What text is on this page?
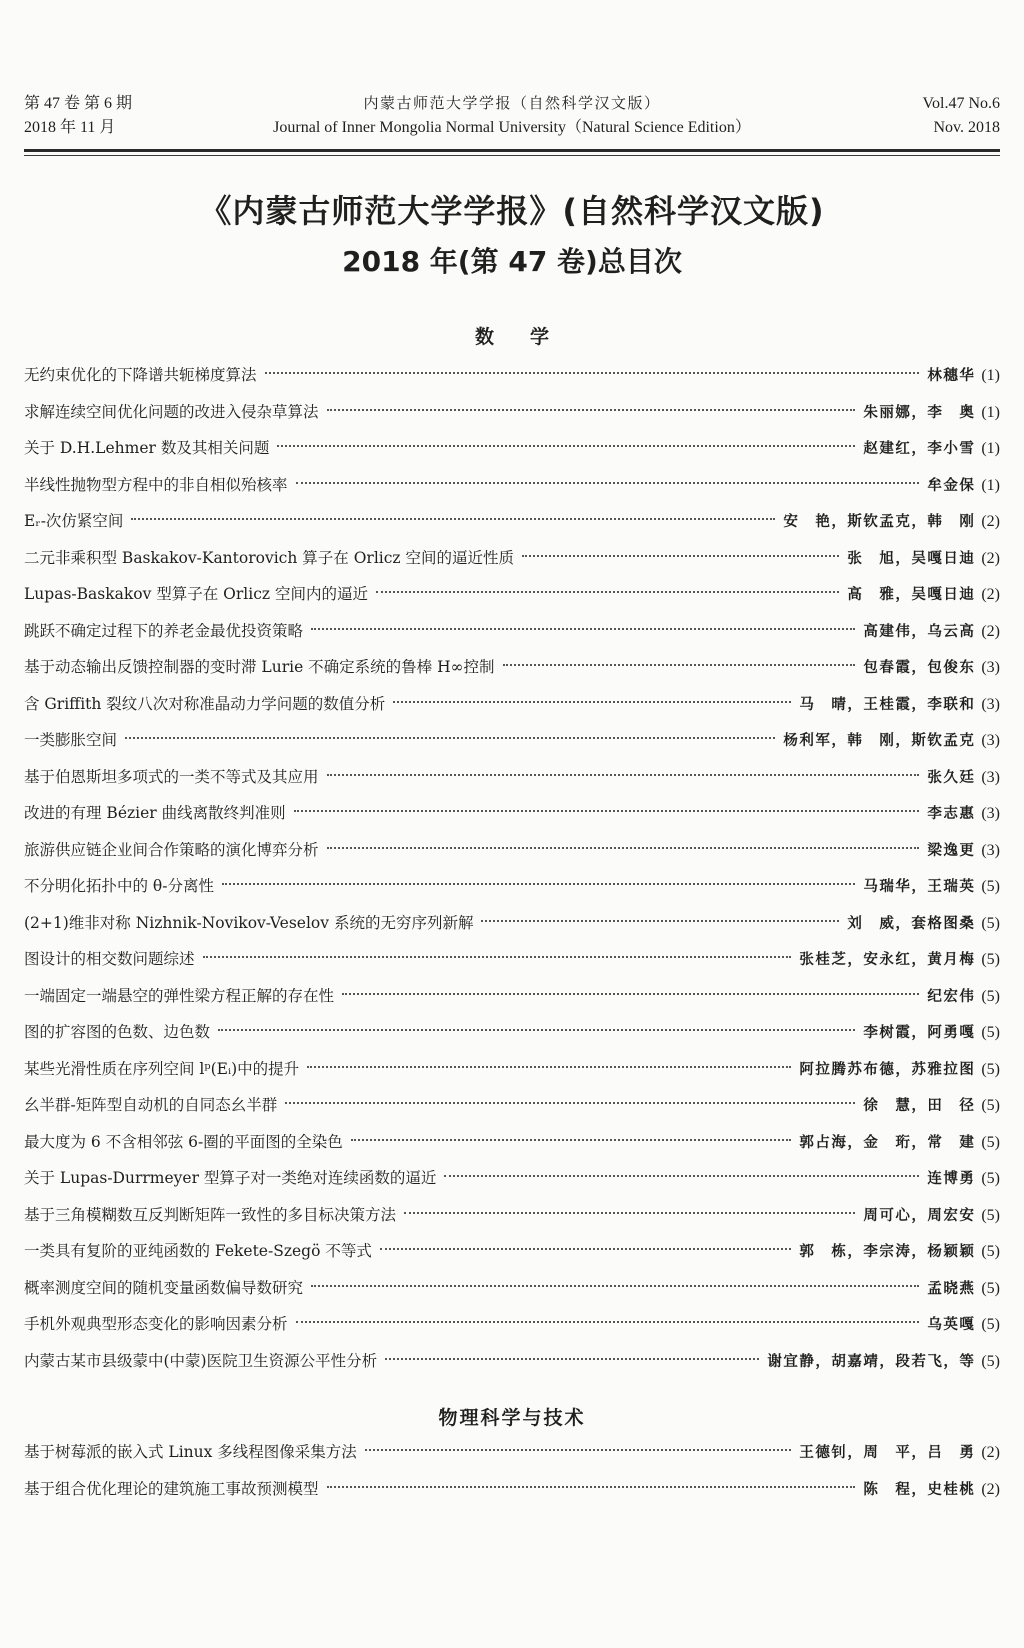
第 47 卷 第 6 期
2018 年 11 月
内蒙古师范大学学报（自然科学汉文版）
Journal of Inner Mongolia Normal University（Natural Science Edition）
Vol.47 No.6
Nov. 2018
《内蒙古师范大学学报》(自然科学汉文版)
2018 年(第 47 卷)总目次
数学
无约束优化的下降谱共轭梯度算法	林穗华 (1)
求解连续空间优化问题的改进入侵杂草算法	朱丽娜，李　奥 (1)
关于 D.H.Lehmer 数及其相关问题	赵建红，李小雪 (1)
半线性抛物型方程中的非自相似殆核率	牟金保 (1)
Eᵣ-次仿紧空间	安　艳，斯钦孟克，韩　刚 (2)
二元非乘积型 Baskakov-Kantorovich 算子在 Orlicz 空间的逼近性质	张　旭，吴嘎日迪 (2)
Lupas-Baskakov 型算子在 Orlicz 空间内的逼近	高　雅，吴嘎日迪 (2)
跳跃不确定过程下的养老金最优投资策略	高建伟，乌云高 (2)
基于动态输出反馈控制器的变时滞 Lurie 不确定系统的鲁棒 H∞控制	包春霞，包俊东 (3)
含 Griffith 裂纹八次对称准晶动力学问题的数值分析	马　晴，王桂霞，李联和 (3)
一类膨胀空间	杨利军，韩　刚，斯钦孟克 (3)
基于伯恩斯坦多项式的一类不等式及其应用	张久廷 (3)
改进的有理 Bézier 曲线离散终判准则	李志惠 (3)
旅游供应链企业间合作策略的演化博弈分析	梁逸更 (3)
不分明化拓扑中的 θ-分离性	马瑞华，王瑞英 (5)
(2+1)维非对称 Nizhnik-Novikov-Veselov 系统的无穷序列新解	刘　威，套格图桑 (5)
图设计的相交数问题综述	张桂芝，安永红，黄月梅 (5)
一端固定一端悬空的弹性梁方程正解的存在性	纪宏伟 (5)
图的扩容图的色数、边色数	李树霞，阿勇嘎 (5)
某些光滑性质在序列空间 lᵖ(Eᵢ)中的提升	阿拉腾苏布德，苏雅拉图 (5)
幺半群-矩阵型自动机的自同态幺半群	徐　慧，田　径 (5)
最大度为 6 不含相邻弦 6-圈的平面图的全染色	郭占海，金　珩，常　建 (5)
关于 Lupas-Durrmeyer 型算子对一类绝对连续函数的逼近	连博勇 (5)
基于三角模糊数互反判断矩阵一致性的多目标决策方法	周可心，周宏安 (5)
一类具有复阶的亚纯函数的 Fekete-Szegö 不等式	郭　栋，李宗涛，杨颖颖 (5)
概率测度空间的随机变量函数偏导数研究	孟晓燕 (5)
手机外观典型形态变化的影响因素分析	乌英嘎 (5)
内蒙古某市县级蒙中(中蒙)医院卫生资源公平性分析	谢宜静，胡嘉靖，段若飞，等 (5)
物理科学与技术
基于树莓派的嵌入式 Linux 多线程图像采集方法	王德钊，周　平，吕　勇 (2)
基于组合优化理论的建筑施工事故预测模型	陈　程，史桂桃 (2)
